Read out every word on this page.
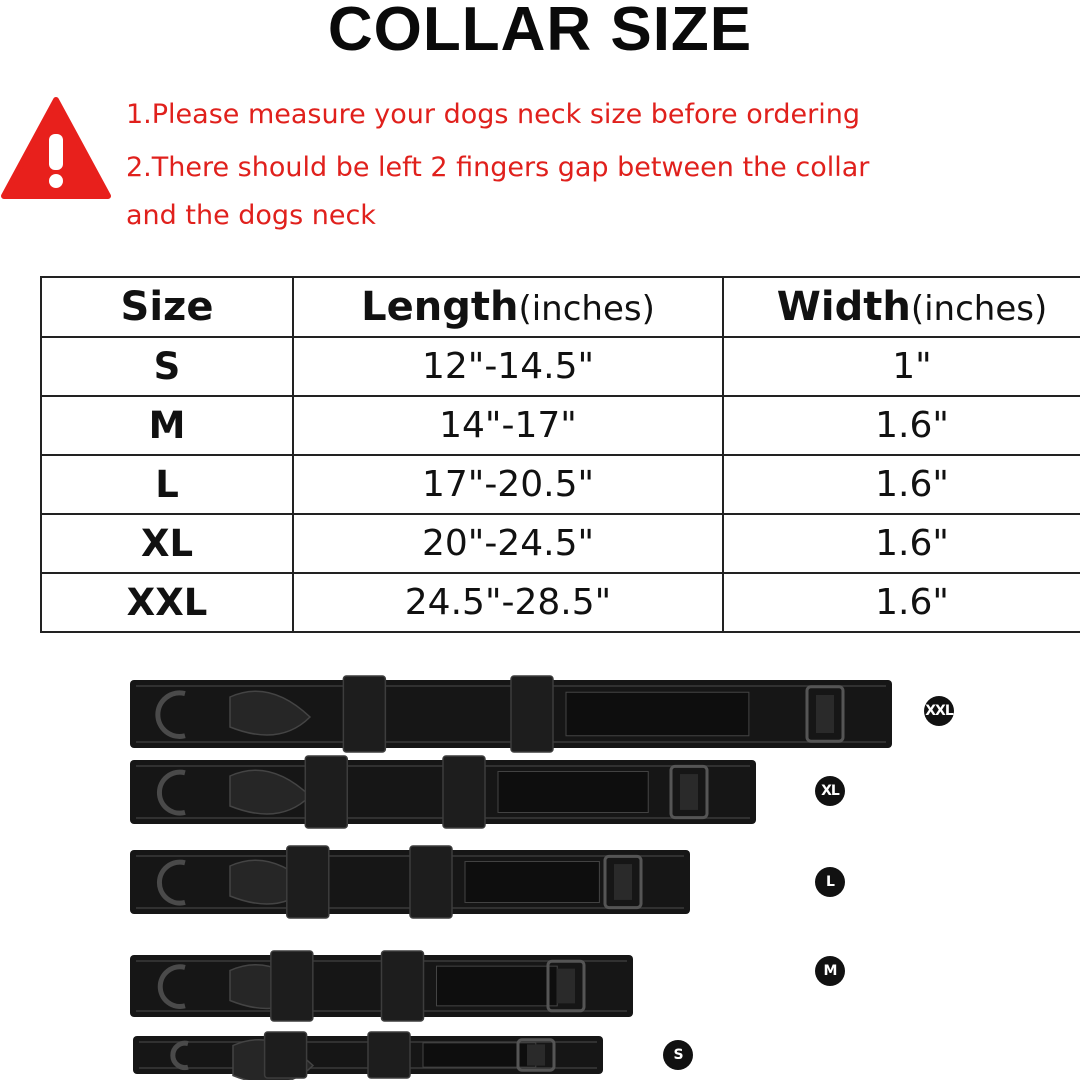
COLLAR SIZE

1.Please measure your dogs neck size before ordering

2.There should be left 2 fingers gap between the collar
and the dogs neck

Size	Length(inches)	Width(inches)
S	12"-14.5"	1"
M	14"-17"	1.6"
L	17"-20.5"	1.6"
XL	20"-24.5"	1.6"
XXL	24.5"-28.5"	1.6"
XXL
XL
L
M
S
